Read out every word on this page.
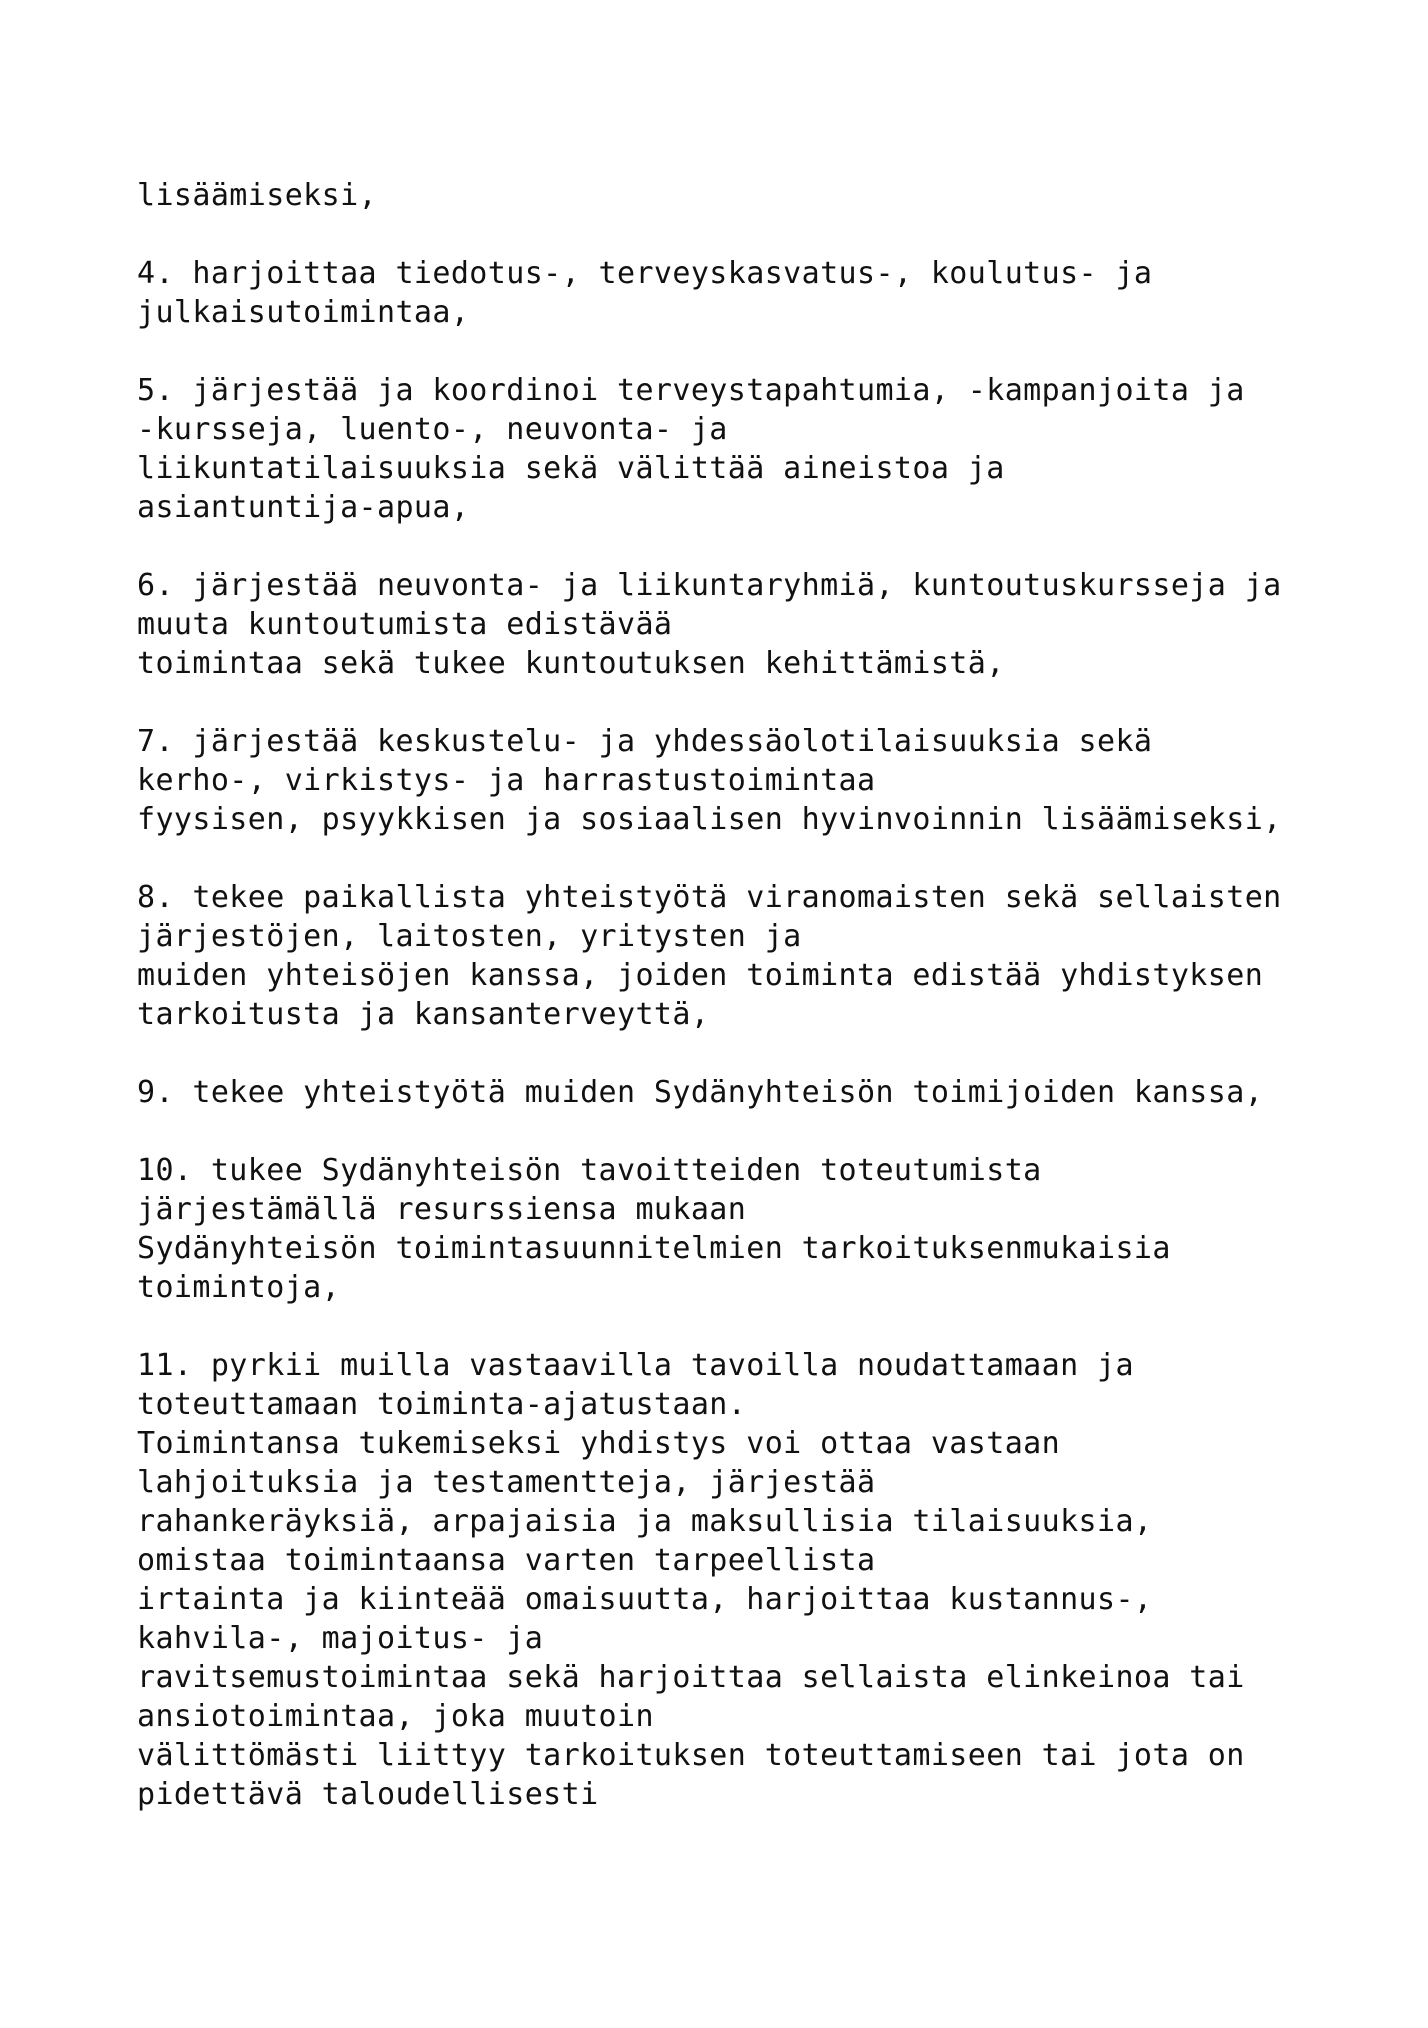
lisäämiseksi,
4. harjoittaa tiedotus-, terveyskasvatus-, koulutus- ja
julkaisutoimintaa,
5. järjestää ja koordinoi terveystapahtumia, -kampanjoita ja
-kursseja, luento-, neuvonta- ja
liikuntatilaisuuksia sekä välittää aineistoa ja
asiantuntija-apua,
6. järjestää neuvonta- ja liikuntaryhmiä, kuntoutuskursseja ja
muuta kuntoutumista edistävää
toimintaa sekä tukee kuntoutuksen kehittämistä,
7. järjestää keskustelu- ja yhdessäolotilaisuuksia sekä
kerho-, virkistys- ja harrastustoimintaa
fyysisen, psyykkisen ja sosiaalisen hyvinvoinnin lisäämiseksi,
8. tekee paikallista yhteistyötä viranomaisten sekä sellaisten
järjestöjen, laitosten, yritysten ja
muiden yhteisöjen kanssa, joiden toiminta edistää yhdistyksen
tarkoitusta ja kansanterveyttä,
9. tekee yhteistyötä muiden Sydänyhteisön toimijoiden kanssa,
10. tukee Sydänyhteisön tavoitteiden toteutumista
järjestämällä resurssiensa mukaan
Sydänyhteisön toimintasuunnitelmien tarkoituksenmukaisia
toimintoja,
11. pyrkii muilla vastaavilla tavoilla noudattamaan ja
toteuttamaan toiminta-ajatustaan.
Toimintansa tukemiseksi yhdistys voi ottaa vastaan
lahjoituksia ja testamentteja, järjestää
rahankeräyksiä, arpajaisia ja maksullisia tilaisuuksia,
omistaa toimintaansa varten tarpeellista
irtainta ja kiinteää omaisuutta, harjoittaa kustannus-,
kahvila-, majoitus- ja
ravitsemustoimintaa sekä harjoittaa sellaista elinkeinoa tai
ansiotoimintaa, joka muutoin
välittömästi liittyy tarkoituksen toteuttamiseen tai jota on
pidettävä taloudellisesti
